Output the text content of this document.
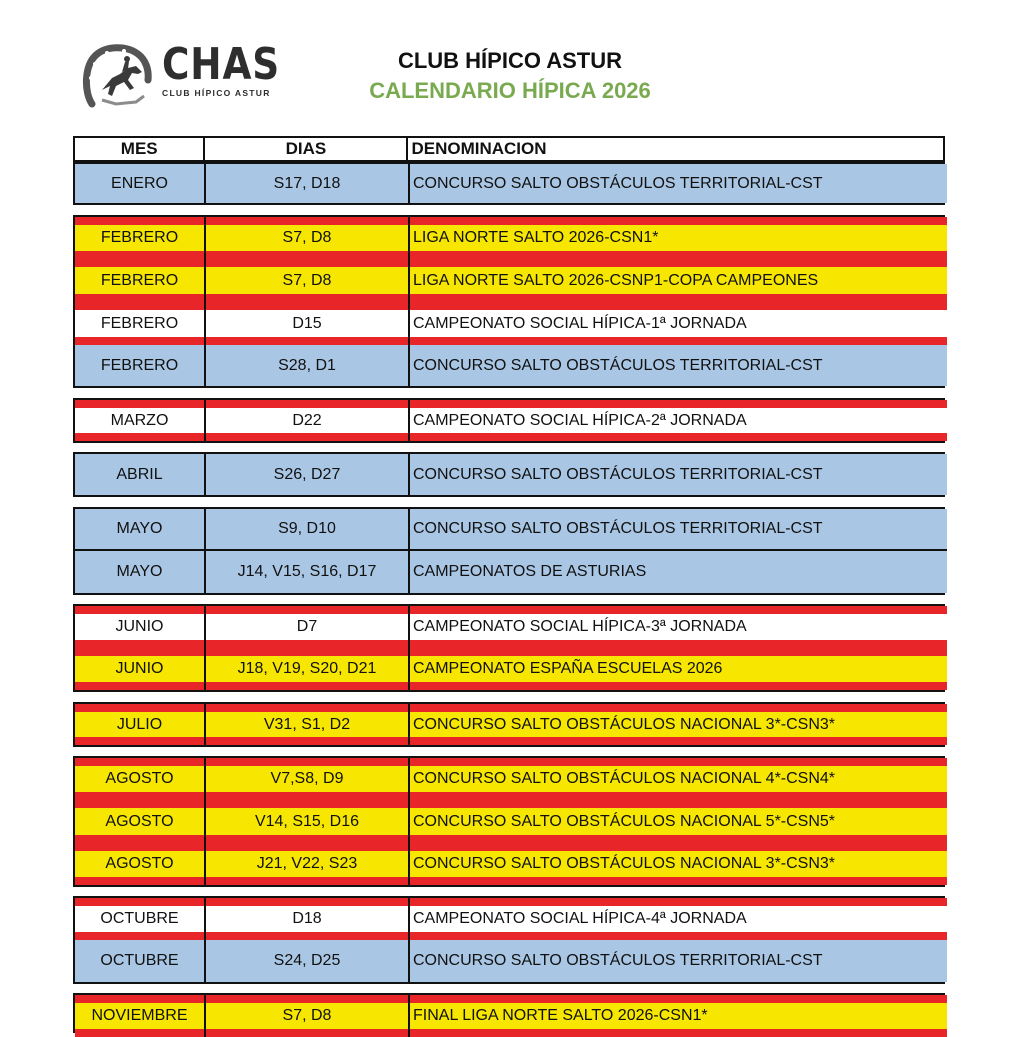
CHAS
CLUB HÍPICO ASTUR
CLUB HÍPICO ASTUR
CALENDARIO HÍPICA 2026
MES	DIAS	DENOMINACION
ENERO	S17, D18	CONCURSO SALTO OBSTÁCULOS TERRITORIAL-CST
FEBRERO	S7, D8	LIGA NORTE SALTO 2026-CSN1*
FEBRERO	S7, D8	LIGA NORTE SALTO 2026-CSNP1-COPA CAMPEONES
FEBRERO	D15	CAMPEONATO SOCIAL HÍPICA-1ª JORNADA
FEBRERO	S28, D1	CONCURSO SALTO OBSTÁCULOS TERRITORIAL-CST
MARZO	D22	CAMPEONATO SOCIAL HÍPICA-2ª JORNADA
ABRIL	S26, D27	CONCURSO SALTO OBSTÁCULOS TERRITORIAL-CST
MAYO	S9, D10	CONCURSO SALTO OBSTÁCULOS TERRITORIAL-CST
MAYO	J14, V15, S16, D17	CAMPEONATOS DE ASTURIAS
JUNIO	D7	CAMPEONATO SOCIAL HÍPICA-3ª JORNADA
JUNIO	J18, V19, S20, D21	CAMPEONATO ESPAÑA ESCUELAS 2026
JULIO	V31, S1, D2	CONCURSO SALTO OBSTÁCULOS NACIONAL 3*-CSN3*
AGOSTO	V7,S8, D9	CONCURSO SALTO OBSTÁCULOS NACIONAL 4*-CSN4*
AGOSTO	V14, S15, D16	CONCURSO SALTO OBSTÁCULOS NACIONAL 5*-CSN5*
AGOSTO	J21, V22, S23	CONCURSO SALTO OBSTÁCULOS NACIONAL 3*-CSN3*
OCTUBRE	D18	CAMPEONATO SOCIAL HÍPICA-4ª JORNADA
OCTUBRE	S24, D25	CONCURSO SALTO OBSTÁCULOS TERRITORIAL-CST
NOVIEMBRE	S7, D8	FINAL LIGA NORTE SALTO 2026-CSN1*
